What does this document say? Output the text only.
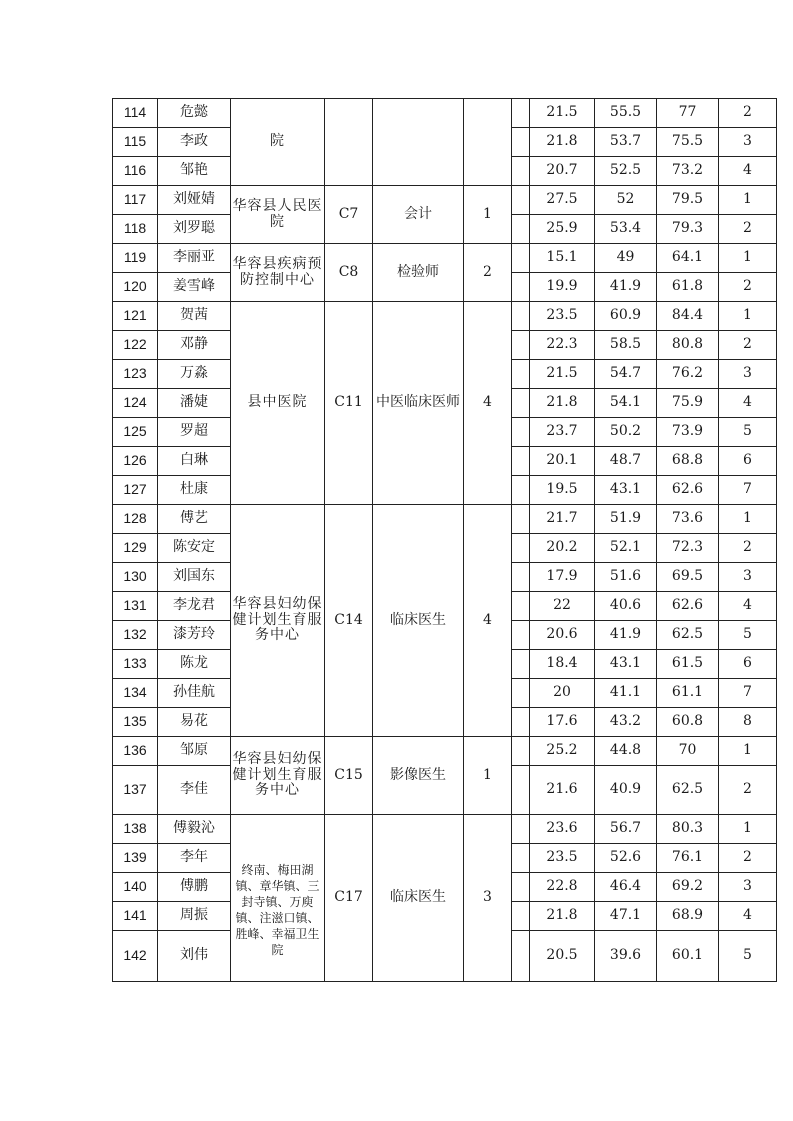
114	危懿	院					21.5	55.5	77	2
115	李政						21.8	53.7	75.5	3
116	邹艳						20.7	52.5	73.2	4
117	刘娅婧	华容县人民医院	C7	会计	1		27.5	52	79.5	1
118	刘罗聪						25.9	53.4	79.3	2
119	李丽亚	华容县疾病预防控制中心	C8	检验师	2		15.1	49	64.1	1
120	姜雪峰						19.9	41.9	61.8	2
121	贺茜	县中医院	C11	中医临床医师	4		23.5	60.9	84.4	1
122	邓静						22.3	58.5	80.8	2
123	万淼						21.5	54.7	76.2	3
124	潘婕						21.8	54.1	75.9	4
125	罗超						23.7	50.2	73.9	5
126	白琳						20.1	48.7	68.8	6
127	杜康						19.5	43.1	62.6	7
128	傅艺	华容县妇幼保健计划生育服务中心	C14	临床医生	4		21.7	51.9	73.6	1
129	陈安定						20.2	52.1	72.3	2
130	刘国东						17.9	51.6	69.5	3
131	李龙君						22	40.6	62.6	4
132	漆芳玲						20.6	41.9	62.5	5
133	陈龙						18.4	43.1	61.5	6
134	孙佳航						20	41.1	61.1	7
135	易花						17.6	43.2	60.8	8
136	邹原	华容县妇幼保健计划生育服务中心	C15	影像医生	1		25.2	44.8	70	1
137	李佳						21.6	40.9	62.5	2
138	傅毅沁	终南、梅田湖镇、章华镇、三封寺镇、万庾镇、注滋口镇、胜峰、幸福卫生院	C17	临床医生	3		23.6	56.7	80.3	1
139	李年						23.5	52.6	76.1	2
140	傅鹏						22.8	46.4	69.2	3
141	周振						21.8	47.1	68.9	4
142	刘伟						20.5	39.6	60.1	5
